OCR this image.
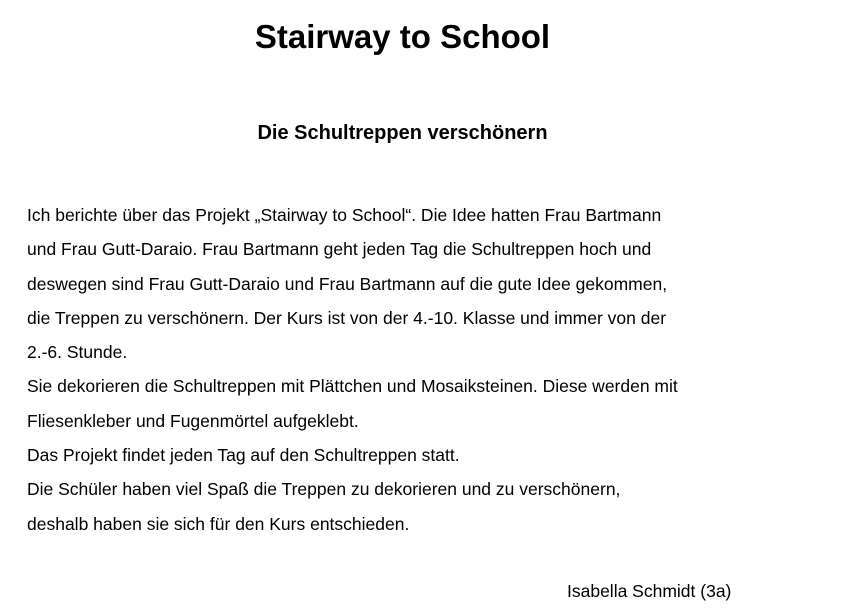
Stairway to School
Die Schultreppen verschönern
Ich berichte über das Projekt „Stairway to School“. Die Idee hatten Frau Bartmann
und Frau Gutt-Daraio. Frau Bartmann geht jeden Tag die Schultreppen hoch und
deswegen sind Frau Gutt-Daraio und Frau Bartmann auf die gute Idee gekommen,
die Treppen zu verschönern. Der Kurs ist von der 4.-10. Klasse und immer von der
2.-6. Stunde.
Sie dekorieren die Schultreppen mit Plättchen und Mosaiksteinen. Diese werden mit
Fliesenkleber und Fugenmörtel aufgeklebt.
Das Projekt findet jeden Tag auf den Schultreppen statt.
Die Schüler haben viel Spaß die Treppen zu dekorieren und zu verschönern,
deshalb haben sie sich für den Kurs entschieden.
Isabella Schmidt (3a)
